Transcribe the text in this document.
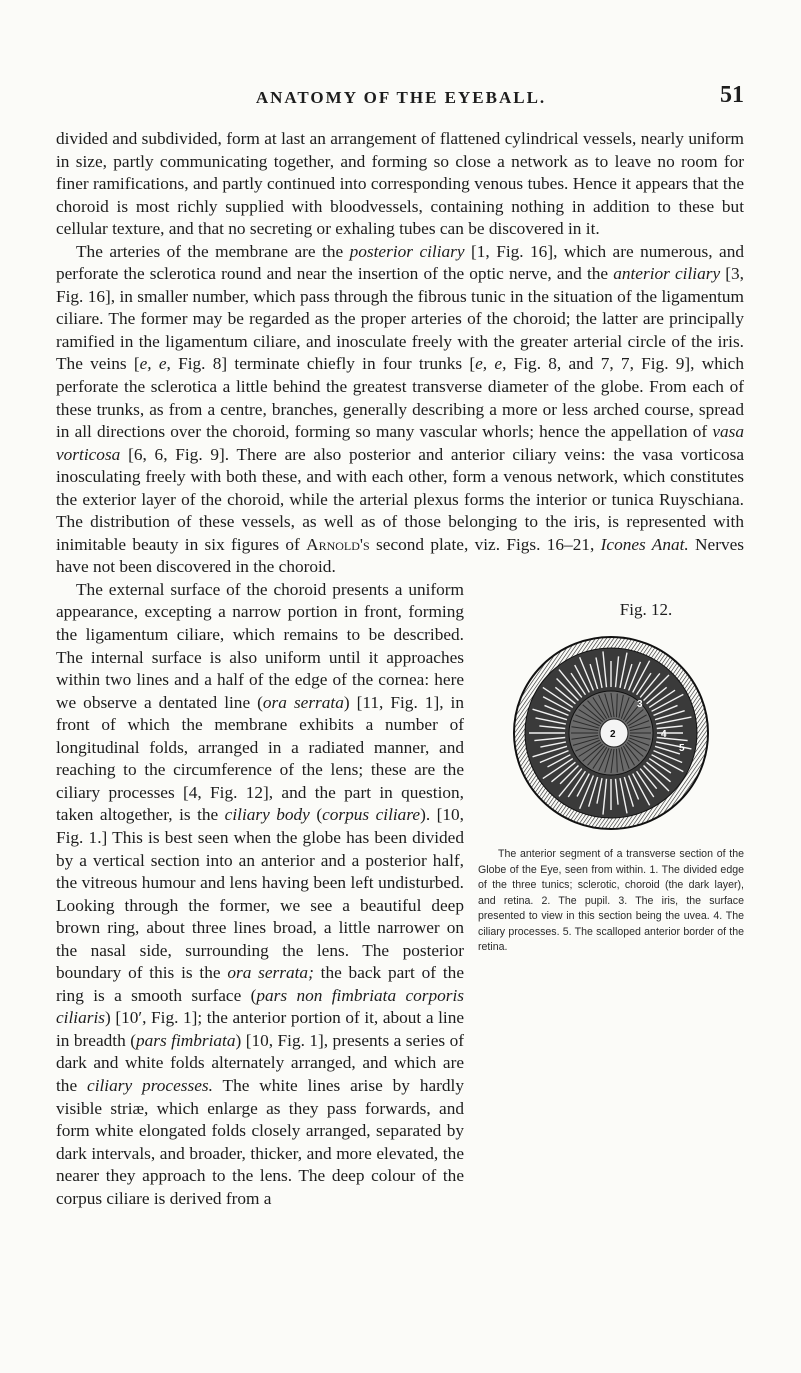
ANATOMY OF THE EYEBALL.	51

divided and subdivided, form at last an arrangement of flattened cylindrical vessels, nearly uniform in size, partly communicating together, and forming so close a network as to leave no room for finer ramifications, and partly continued into corresponding venous tubes. Hence it appears that the choroid is most richly supplied with bloodvessels, containing nothing in addition to these but cellular texture, and that no secreting or exhaling tubes can be discovered in it.

The arteries of the membrane are the posterior ciliary [1, Fig. 16], which are numerous, and perforate the sclerotica round and near the insertion of the optic nerve, and the anterior ciliary [3, Fig. 16], in smaller number, which pass through the fibrous tunic in the situation of the ligamentum ciliare. The former may be regarded as the proper arteries of the choroid; the latter are principally ramified in the ligamentum ciliare, and inosculate freely with the greater arterial circle of the iris. The veins [e, e, Fig. 8] terminate chiefly in four trunks [e, e, Fig. 8, and 7, 7, Fig. 9], which perforate the sclerotica a little behind the greatest transverse diameter of the globe. From each of these trunks, as from a centre, branches, generally describing a more or less arched course, spread in all directions over the choroid, forming so many vascular whorls; hence the appellation of vasa vorticosa [6, 6, Fig. 9]. There are also posterior and anterior ciliary veins: the vasa vorticosa inosculating freely with both these, and with each other, form a venous network, which constitutes the exterior layer of the choroid, while the arterial plexus forms the interior or tunica Ruyschiana. The distribution of these vessels, as well as of those belonging to the iris, is represented with inimitable beauty in six figures of Arnold's second plate, viz. Figs. 16–21, Icones Anat. Nerves have not been discovered in the choroid.

Fig. 12.
3
2	4
5
The anterior segment of a transverse section of the Globe of the Eye, seen from within. 1. The divided edge of the three tunics; sclerotic, choroid (the dark layer), and retina. 2. The pupil. 3. The iris, the surface presented to view in this section being the uvea. 4. The ciliary processes. 5. The scalloped anterior border of the retina.
The external surface of the choroid presents a uniform appearance, excepting a narrow portion in front, forming the ligamentum ciliare, which remains to be described. The internal surface is also uniform until it approaches within two lines and a half of the edge of the cornea: here we observe a dentated line (ora serrata) [11, Fig. 1], in front of which the membrane exhibits a number of longitudinal folds, arranged in a radiated manner, and reaching to the circumference of the lens; these are the ciliary processes [4, Fig. 12], and the part in question, taken altogether, is the ciliary body (corpus ciliare). [10, Fig. 1.] This is best seen when the globe has been divided by a vertical section into an anterior and a posterior half, the vitreous humour and lens having been left undisturbed. Looking through the former, we see a beautiful deep brown ring, about three lines broad, a little narrower on the nasal side, surrounding the lens. The posterior boundary of this is the ora serrata; the back part of the ring is a smooth surface (pars non fimbriata corporis ciliaris) [10′, Fig. 1]; the anterior portion of it, about a line in breadth (pars fimbriata) [10, Fig. 1], presents a series of dark and white folds alternately arranged, and which are the ciliary processes. The white lines arise by hardly visible striæ, which enlarge as they pass forwards, and form white elongated folds closely arranged, separated by dark intervals, and broader, thicker, and more elevated, the nearer they approach to the lens. The deep colour of the corpus ciliare is derived from a
